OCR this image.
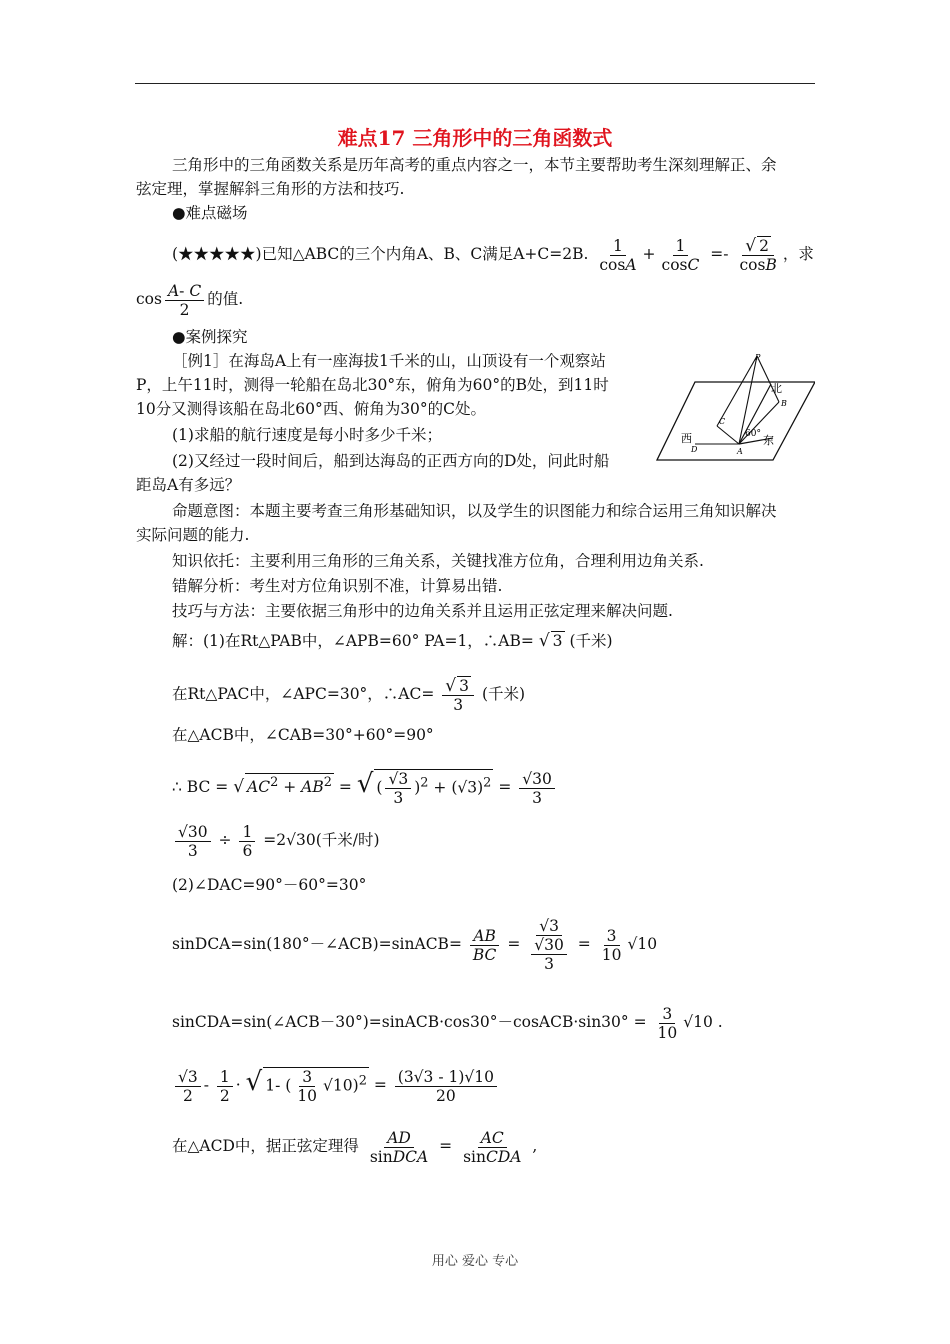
难点17 三角形中的三角函数式
三角形中的三角函数关系是历年高考的重点内容之一，本节主要帮助考生深刻理解正、余
弦定理，掌握解斜三角形的方法和技巧.
●难点磁场
(★★★★★)已知△ABC的三个内角A、B、C满足A+C=2B. $\frac{1}{\cos A} + \frac{1}{\cos C} =- \frac{√ 2}{\cos B}$ ，求
$\cos \frac{A- C}{2}$ 的值.
●案例探究
［例1］在海岛A上有一座海拔1千米的山，山顶设有一个观察站
P，上午11时，测得一轮船在岛北30°东，俯角为60°的B处，到11时
10分又测得该船在岛北60°西、俯角为30°的C处。
(1)求船的航行速度是每小时多少千米；
(2)又经过一段时间后，船到达海岛的正西方向的D处，问此时船
距岛A有多远？
P
北
B
C
D	A
西	东
60°
命题意图：本题主要考查三角形基础知识，以及学生的识图能力和综合运用三角知识解决
实际问题的能力.
知识依托：主要利用三角形的三角关系，关键找准方位角，合理利用边角关系.
错解分析：考生对方位角识别不准，计算易出错.
技巧与方法：主要依据三角形中的边角关系并且运用正弦定理来解决问题.
解：(1)在Rt△PAB中，∠APB=60° PA=1，∴AB= √ 3 (千米)
在Rt△PAC中，∠APC=30°，∴AC= $\frac{√ 3}{3}$ (千米)
在△ACB中，∠CAB=30°+60°=90°
∴ BC = √ $AC^2 + AB^2$ = √ ( $\frac{√3}{3} )^2 + (√3)^2 = \frac{√30}{3}$
$\frac{√30}{3} \div \frac{1}{6} =2√30$(千米/时)
(2)∠DAC=90°－60°=30°
sinDCA=sin(180°－∠ACB)=sinACB= $\frac{AB}{BC} = \frac{√3}{\frac{√30}{3}} = \frac{3}{10} √10$
sinCDA=sin(∠ACB－30°)=sinACB·cos30°－cosACB·sin30° = $\frac{3}{10} √10$ .
$\frac{√3}{2} - \frac{1}{2}$ · √ 1- ( $\frac{3}{10} √10)^2 = \frac{(3√3 - 1)√10}{20}$
在△ACD中，据正弦定理得 $\frac{AD}{\text{sinDCA}} = \frac{AC}{\text{sinCDA}}$ ,
用心 爱心 专心
